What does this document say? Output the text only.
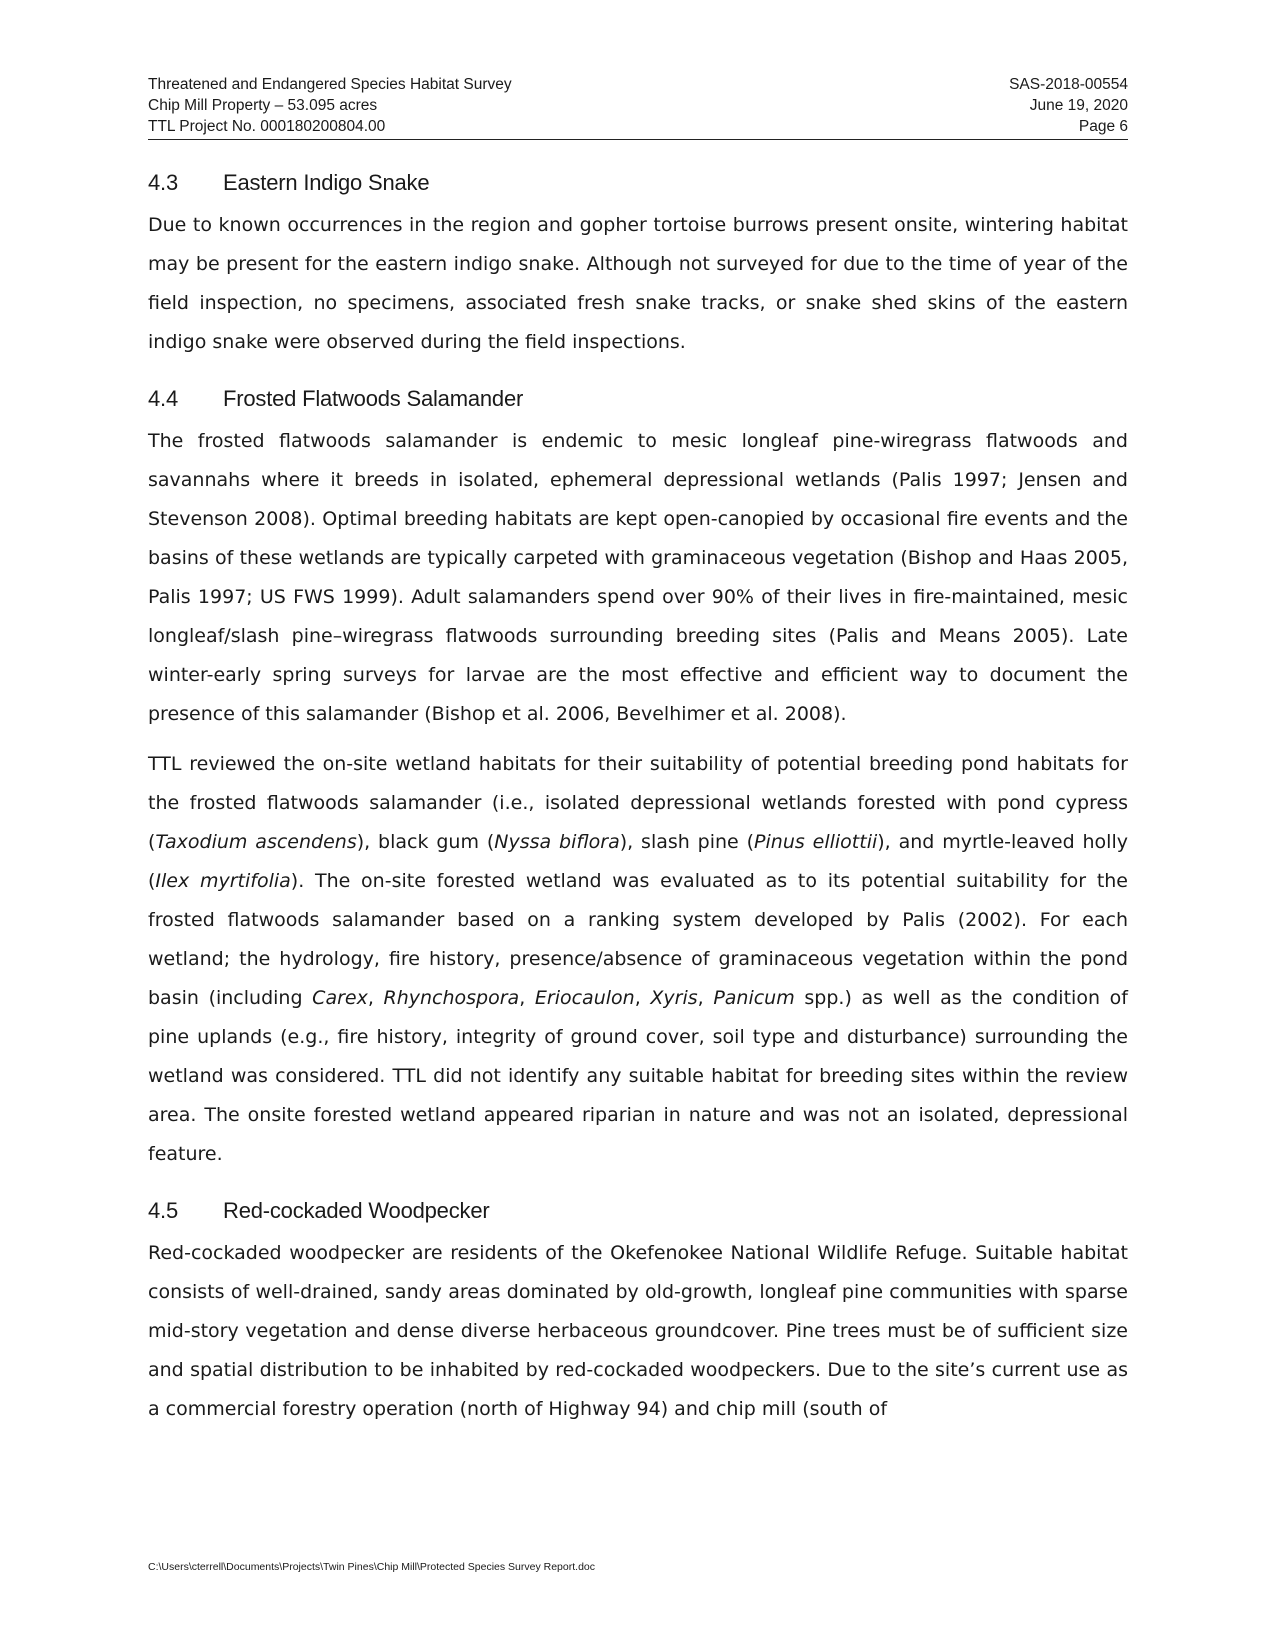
Threatened and Endangered Species Habitat Survey	SAS-2018-00554
Chip Mill Property – 53.095 acres	June 19, 2020
TTL Project No. 000180200804.00	Page 6
4.3 Eastern Indigo Snake

Due to known occurrences in the region and gopher tortoise burrows present onsite, wintering habitat may be present for the eastern indigo snake. Although not surveyed for due to the time of year of the field inspection, no specimens, associated fresh snake tracks, or snake shed skins of the eastern indigo snake were observed during the field inspections.

4.4 Frosted Flatwoods Salamander

The frosted flatwoods salamander is endemic to mesic longleaf pine-wiregrass flatwoods and savannahs where it breeds in isolated, ephemeral depressional wetlands (Palis 1997; Jensen and Stevenson 2008). Optimal breeding habitats are kept open-canopied by occasional fire events and the basins of these wetlands are typically carpeted with graminaceous vegetation (Bishop and Haas 2005, Palis 1997; US FWS 1999). Adult salamanders spend over 90% of their lives in fire-maintained, mesic longleaf/slash pine–wiregrass flatwoods surrounding breeding sites (Palis and Means 2005). Late winter-early spring surveys for larvae are the most effective and efficient way to document the presence of this salamander (Bishop et al. 2006, Bevelhimer et al. 2008).

TTL reviewed the on-site wetland habitats for their suitability of potential breeding pond habitats for the frosted flatwoods salamander (i.e., isolated depressional wetlands forested with pond cypress (Taxodium ascendens), black gum (Nyssa biflora), slash pine (Pinus elliottii), and myrtle-leaved holly (Ilex myrtifolia). The on-site forested wetland was evaluated as to its potential suitability for the frosted flatwoods salamander based on a ranking system developed by Palis (2002). For each wetland; the hydrology, fire history, presence/absence of graminaceous vegetation within the pond basin (including Carex, Rhynchospora, Eriocaulon, Xyris, Panicum spp.) as well as the condition of pine uplands (e.g., fire history, integrity of ground cover, soil type and disturbance) surrounding the wetland was considered. TTL did not identify any suitable habitat for breeding sites within the review area. The onsite forested wetland appeared riparian in nature and was not an isolated, depressional feature.

4.5 Red-cockaded Woodpecker

Red-cockaded woodpecker are residents of the Okefenokee National Wildlife Refuge. Suitable habitat consists of well-drained, sandy areas dominated by old-growth, longleaf pine communities with sparse mid-story vegetation and dense diverse herbaceous groundcover. Pine trees must be of sufficient size and spatial distribution to be inhabited by red-cockaded woodpeckers. Due to the site’s current use as a commercial forestry operation (north of Highway 94) and chip mill (south of

C:\Users\cterrell\Documents\Projects\Twin Pines\Chip Mill\Protected Species Survey Report.doc
